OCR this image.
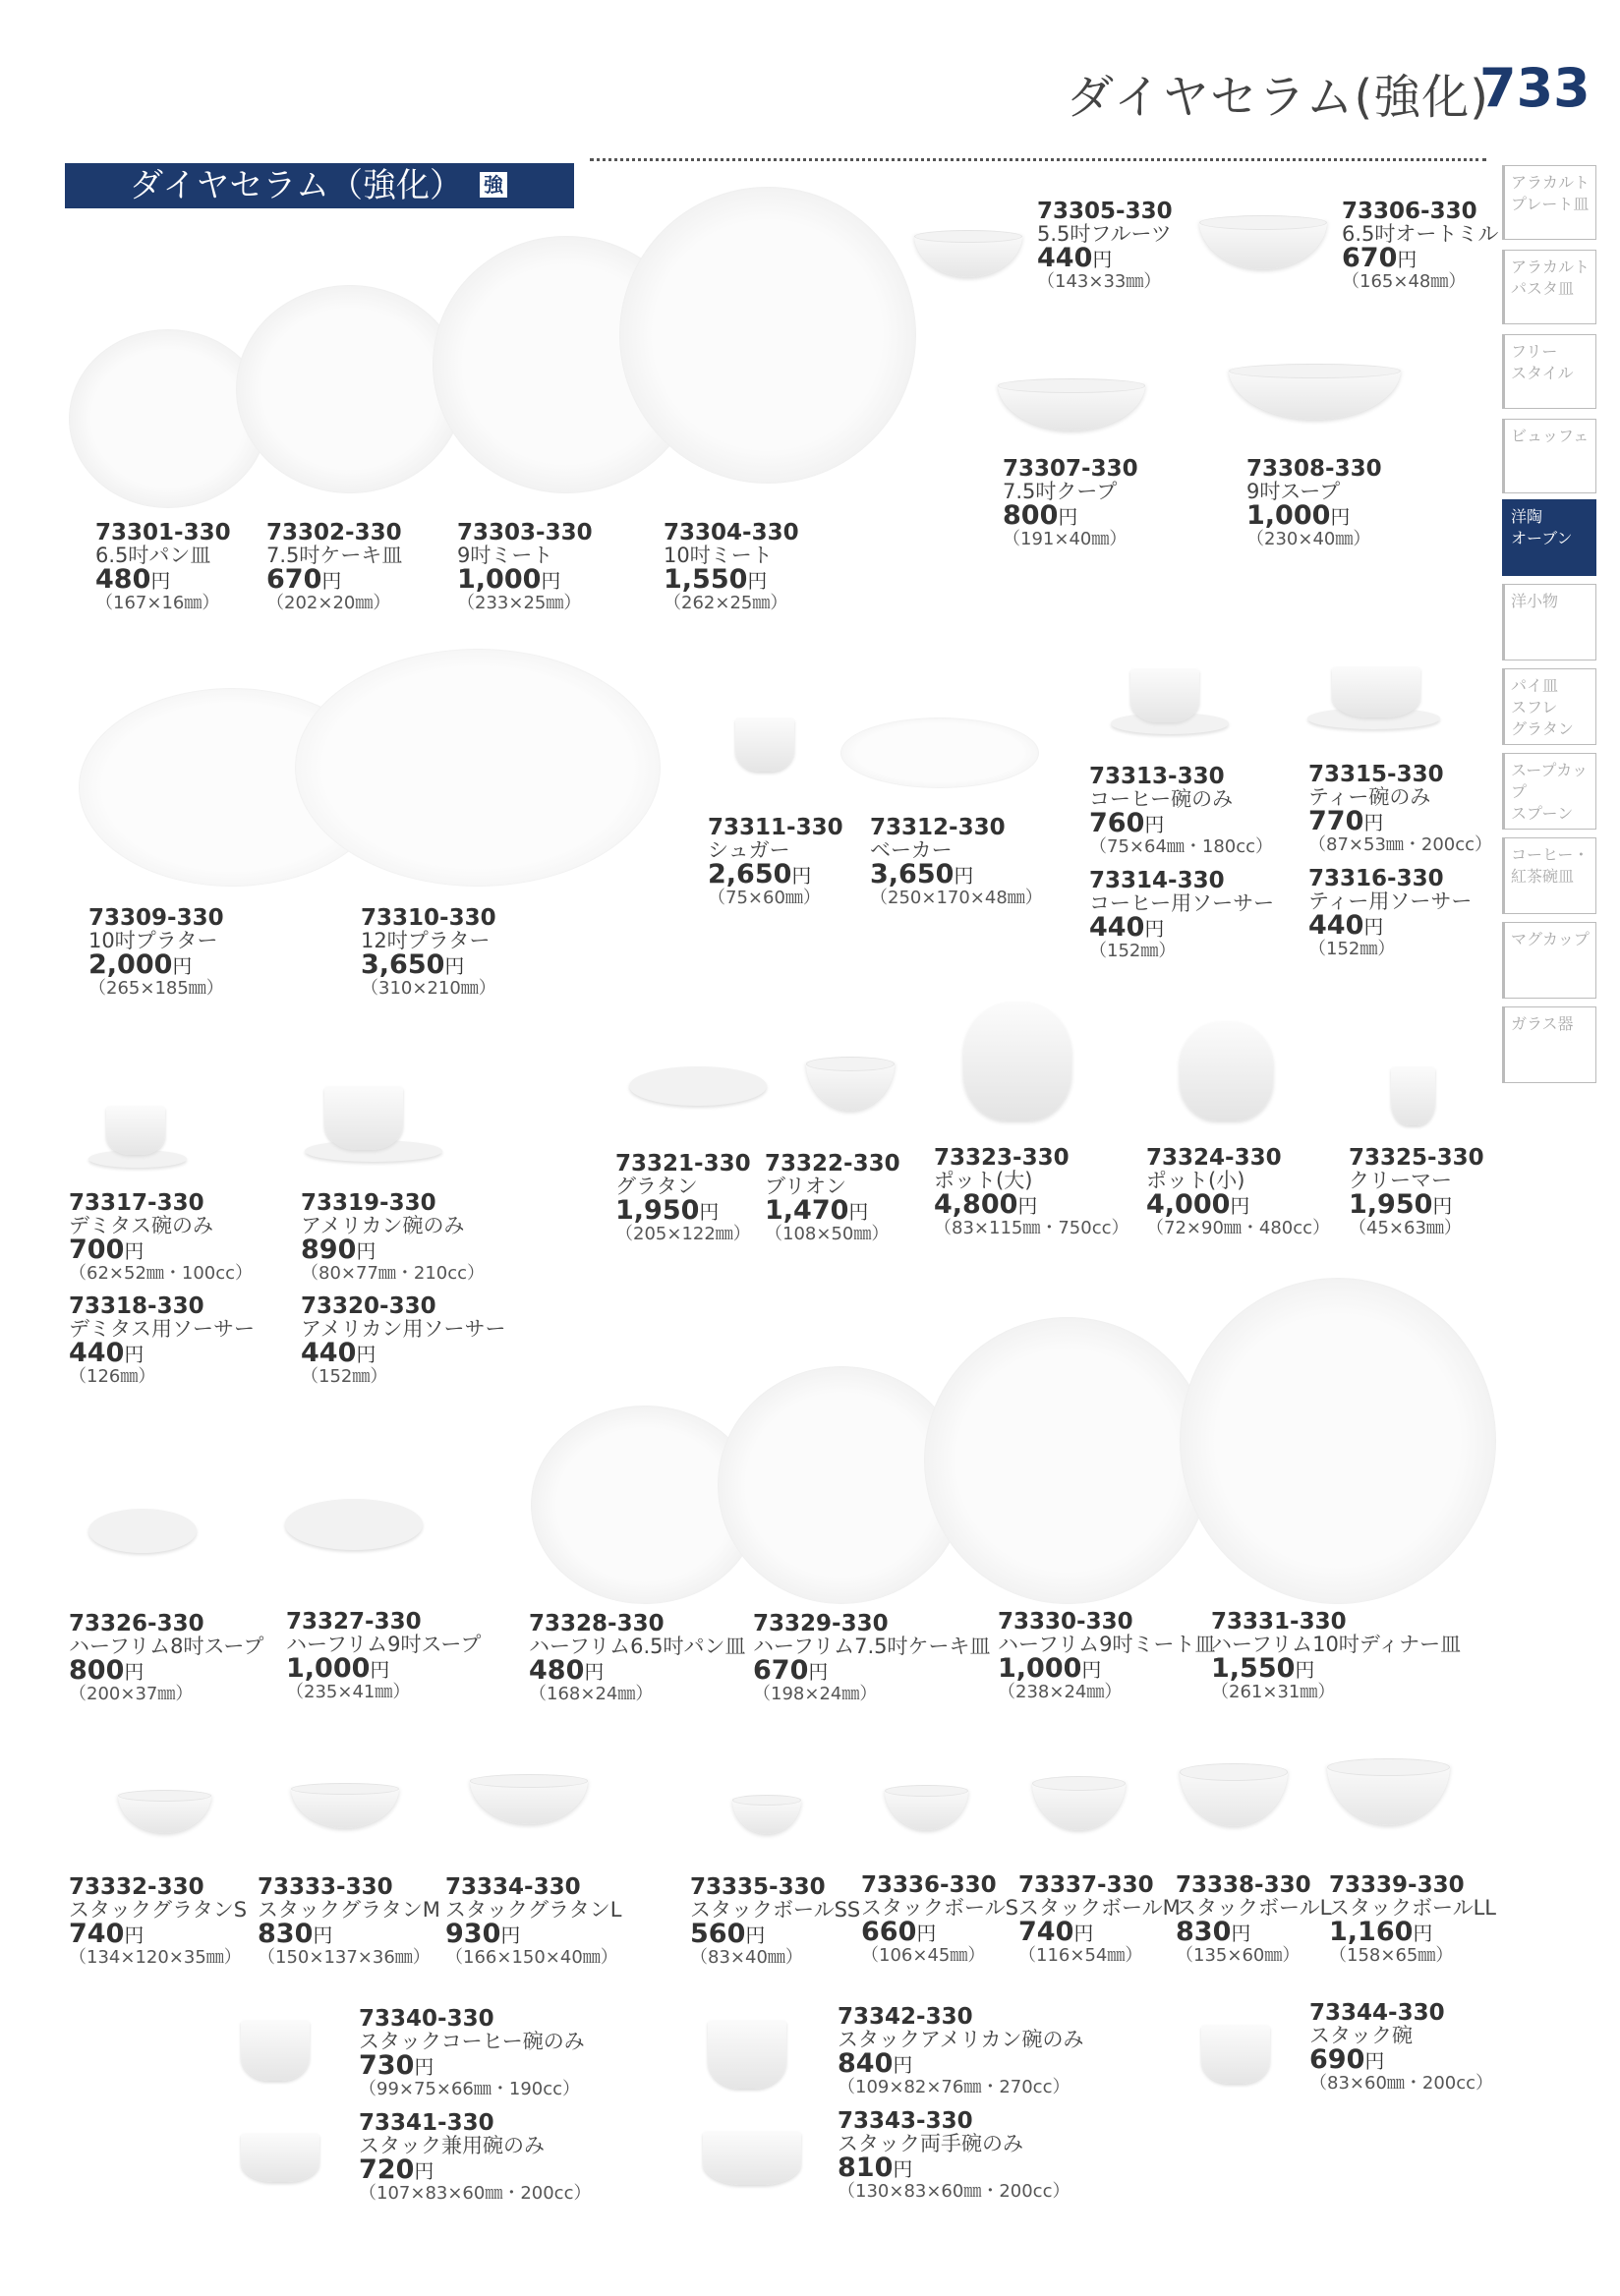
ダイヤセラム(強化)
733
ダイヤセラム（強化） 強	アラカルト
プレート皿
アラカルト
パスタ皿
フリー
スタイル
ビュッフェ
洋陶
オーブン
洋小物
パイ皿
スフレ
グラタン
スープカップ
スプーン
コーヒー・
紅茶碗皿
マグカップ
ガラス器
73301-330
6.5吋パン皿
480円
（167×16㎜）
73302-330
7.5吋ケーキ皿
670円
（202×20㎜）
73303-330
9吋ミート
1,000円
（233×25㎜）
73304-330
10吋ミート
1,550円
（262×25㎜）
73305-330
5.5吋フルーツ
440円
（143×33㎜）
73306-330
6.5吋オートミル
670円
（165×48㎜）
73307-330
7.5吋クープ
800円
（191×40㎜）
73308-330
9吋スープ
1,000円
（230×40㎜）
73309-330
10吋プラター
2,000円
（265×185㎜）
73310-330
12吋プラター
3,650円
（310×210㎜）
73311-330
シュガー
2,650円
（75×60㎜）
73312-330
ベーカー
3,650円
（250×170×48㎜）
73313-330
コーヒー碗のみ
760円
（75×64㎜・180cc）
73314-330
コーヒー用ソーサー
440円
（152㎜）
73315-330
ティー碗のみ
770円
（87×53㎜・200cc）
73316-330
ティー用ソーサー
440円
（152㎜）
73317-330
デミタス碗のみ
700円
（62×52㎜・100cc）
73318-330
デミタス用ソーサー
440円
（126㎜）
73319-330
アメリカン碗のみ
890円
（80×77㎜・210cc）
73320-330
アメリカン用ソーサー
440円
（152㎜）
73321-330
グラタン
1,950円
（205×122㎜）
73322-330
ブリオン
1,470円
（108×50㎜）
73323-330
ポット(大)
4,800円
（83×115㎜・750cc）
73324-330
ポット(小)
4,000円
（72×90㎜・480cc）
73325-330
クリーマー
1,950円
（45×63㎜）
73326-330
ハーフリム8吋スープ
800円
（200×37㎜）
73327-330
ハーフリム9吋スープ
1,000円
（235×41㎜）
73328-330
ハーフリム6.5吋パン皿
480円
（168×24㎜）
73329-330
ハーフリム7.5吋ケーキ皿
670円
（198×24㎜）
73330-330
ハーフリム9吋ミート皿
1,000円
（238×24㎜）
73331-330
ハーフリム10吋ディナー皿
1,550円
（261×31㎜）
73332-330
スタックグラタンS
740円
（134×120×35㎜）
73333-330
スタックグラタンM
830円
（150×137×36㎜）
73334-330
スタックグラタンL
930円
（166×150×40㎜）
73335-330
スタックボールSS
560円
（83×40㎜）
73336-330
スタックボールS
660円
（106×45㎜）
73337-330
スタックボールM
740円
（116×54㎜）
73338-330
スタックボールL
830円
（135×60㎜）
73339-330
スタックボールLL
1,160円
（158×65㎜）
73340-330
スタックコーヒー碗のみ
730円
（99×75×66㎜・190cc）
73341-330
スタック兼用碗のみ
720円
（107×83×60㎜・200cc）
73342-330
スタックアメリカン碗のみ
840円
（109×82×76㎜・270cc）
73343-330
スタック両手碗のみ
810円
（130×83×60㎜・200cc）
73344-330
スタック碗
690円
（83×60㎜・200cc）
